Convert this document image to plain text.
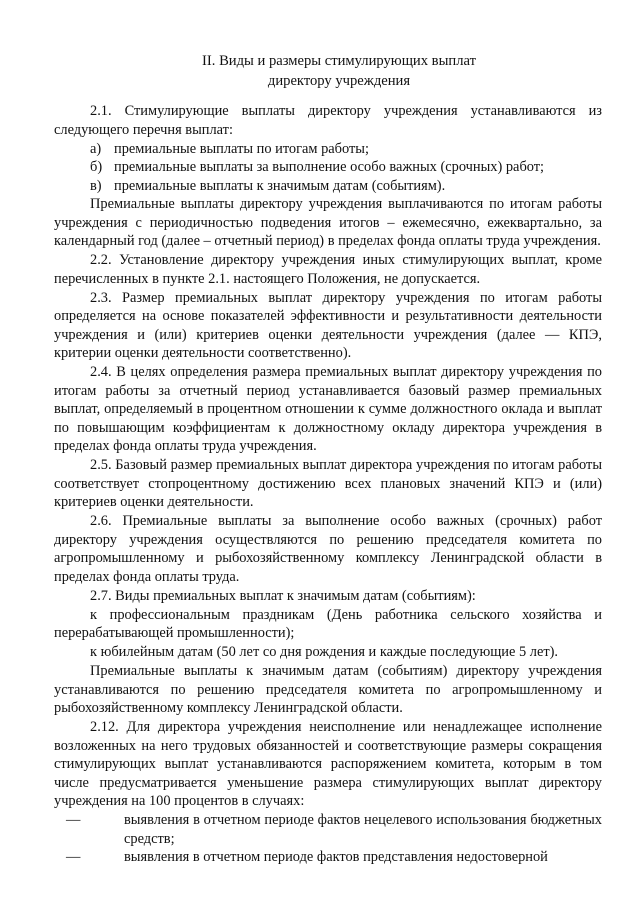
II. Виды и размеры стимулирующих выплат
директору учреждения

2.1. Стимулирующие выплаты директору учреждения устанавливаются из следующего перечня выплат:

а) премиальные выплаты по итогам работы;
б) премиальные выплаты за выполнение особо важных (срочных) работ;
в) премиальные выплаты к значимым датам (событиям).

Премиальные выплаты директору учреждения выплачиваются по итогам работы учреждения с периодичностью подведения итогов – ежемесячно, ежеквартально, за календарный год (далее – отчетный период) в пределах фонда оплаты труда учреждения.

2.2. Установление директору учреждения иных стимулирующих выплат, кроме перечисленных в пункте 2.1. настоящего Положения, не допускается.

2.3. Размер премиальных выплат директору учреждения по итогам работы определяется на основе показателей эффективности и результативности деятельности учреждения и (или) критериев оценки деятельности учреждения (далее — КПЭ, критерии оценки деятельности соответственно).

2.4. В целях определения размера премиальных выплат директору учреждения по итогам работы за отчетный период устанавливается базовый размер премиальных выплат, определяемый в процентном отношении к сумме должностного оклада и выплат по повышающим коэффициентам к должностному окладу директора учреждения в пределах фонда оплаты труда учреждения.

2.5. Базовый размер премиальных выплат директора учреждения по итогам работы соответствует стопроцентному достижению всех плановых значений КПЭ и (или) критериев оценки деятельности.

2.6. Премиальные выплаты за выполнение особо важных (срочных) работ директору учреждения осуществляются по решению председателя комитета по агропромышленному и рыбохозяйственному комплексу Ленинградской области в пределах фонда оплаты труда.

2.7. Виды премиальных выплат к значимым датам (событиям):

к профессиональным праздникам (День работника сельского хозяйства и перерабатывающей промышленности);

к юбилейным датам (50 лет со дня рождения и каждые последующие 5 лет).

Премиальные выплаты к значимым датам (событиям) директору учреждения устанавливаются по решению председателя комитета по агропромышленному и рыбохозяйственному комплексу Ленинградской области.

2.12. Для директора учреждения неисполнение или ненадлежащее исполнение возложенных на него трудовых обязанностей и соответствующие размеры сокращения стимулирующих выплат устанавливаются распоряжением комитета, которым в том числе предусматривается уменьшение размера стимулирующих выплат директору учреждения на 100 процентов в случаях:

—	выявления в отчетном периоде фактов нецелевого использования бюджетных средств;

—	выявления в отчетном периоде фактов представления недостоверной
